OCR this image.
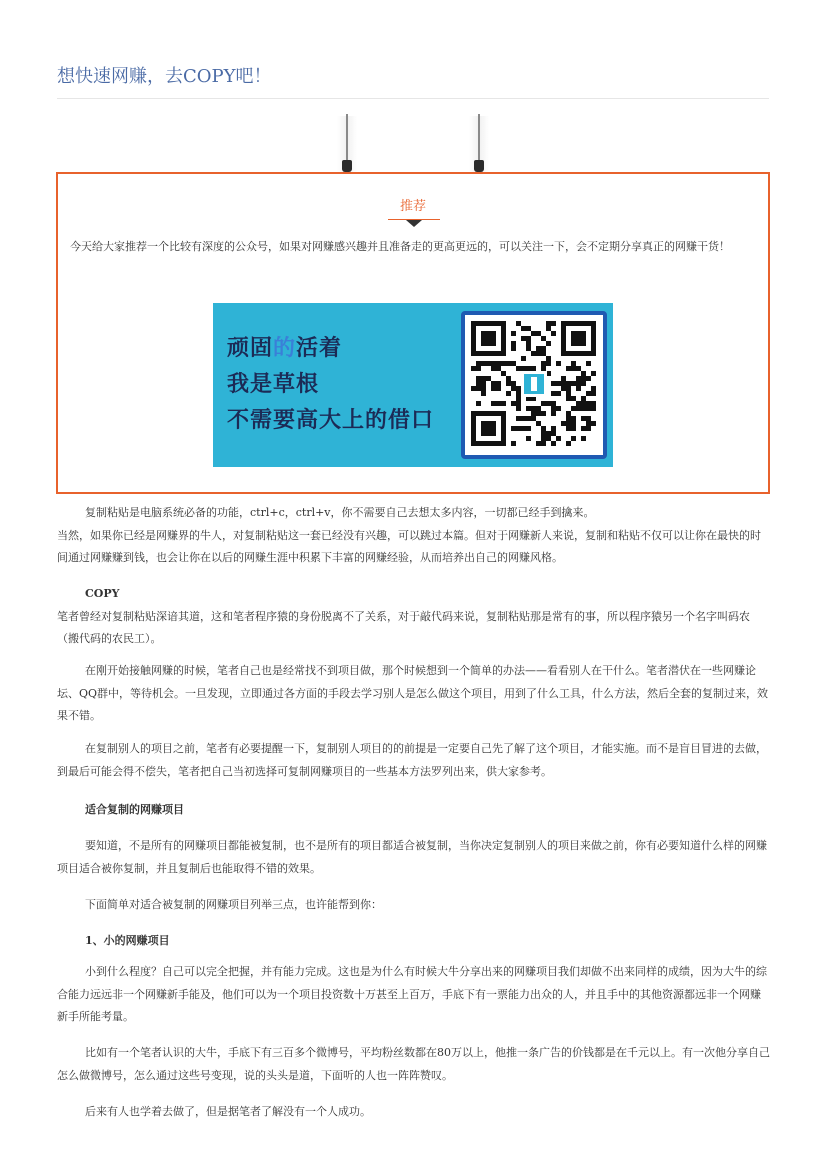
想快速网赚，去COPY吧！
推荐
今天给大家推荐一个比较有深度的公众号，如果对网赚感兴趣并且准备走的更高更远的，可以关注一下，会不定期分享真正的网赚干货！
顽固的活着
我是草根
不需要高大上的借口
复制粘贴是电脑系统必备的功能，ctrl+c，ctrl+v，你不需要自己去想太多内容，一切都已经手到擒来。
当然，如果你已经是网赚界的牛人，对复制粘贴这一套已经没有兴趣，可以跳过本篇。但对于网赚新人来说，复制和粘贴不仅可以让你在最快的时间通过网赚赚到钱，也会让你在以后的网赚生涯中积累下丰富的网赚经验，从而培养出自己的网赚风格。
COPY
笔者曾经对复制粘贴深谙其道，这和笔者程序猿的身份脱离不了关系，对于敲代码来说，复制粘贴那是常有的事，所以程序猿另一个名字叫码农（搬代码的农民工）。
在刚开始接触网赚的时候，笔者自己也是经常找不到项目做，那个时候想到一个简单的办法——看看别人在干什么。笔者潜伏在一些网赚论坛、QQ群中，等待机会。一旦发现，立即通过各方面的手段去学习别人是怎么做这个项目，用到了什么工具，什么方法，然后全套的复制过来，效果不错。
在复制别人的项目之前，笔者有必要提醒一下，复制别人项目的的前提是一定要自己先了解了这个项目，才能实施。而不是盲目冒进的去做，到最后可能会得不偿失，笔者把自己当初选择可复制网赚项目的一些基本方法罗列出来，供大家参考。
适合复制的网赚项目
要知道，不是所有的网赚项目都能被复制，也不是所有的项目都适合被复制，当你决定复制别人的项目来做之前，你有必要知道什么样的网赚项目适合被你复制，并且复制后也能取得不错的效果。
下面简单对适合被复制的网赚项目列举三点，也许能帮到你：
1、小的网赚项目
小到什么程度？自己可以完全把握，并有能力完成。这也是为什么有时候大牛分享出来的网赚项目我们却做不出来同样的成绩，因为大牛的综合能力远远非一个网赚新手能及，他们可以为一个项目投资数十万甚至上百万，手底下有一票能力出众的人，并且手中的其他资源都远非一个网赚新手所能考量。
比如有一个笔者认识的大牛，手底下有三百多个微博号，平均粉丝数都在80万以上，他推一条广告的价钱都是在千元以上。有一次他分享自己怎么做微博号，怎么通过这些号变现，说的头头是道，下面听的人也一阵阵赞叹。
后来有人也学着去做了，但是据笔者了解没有一个人成功。
